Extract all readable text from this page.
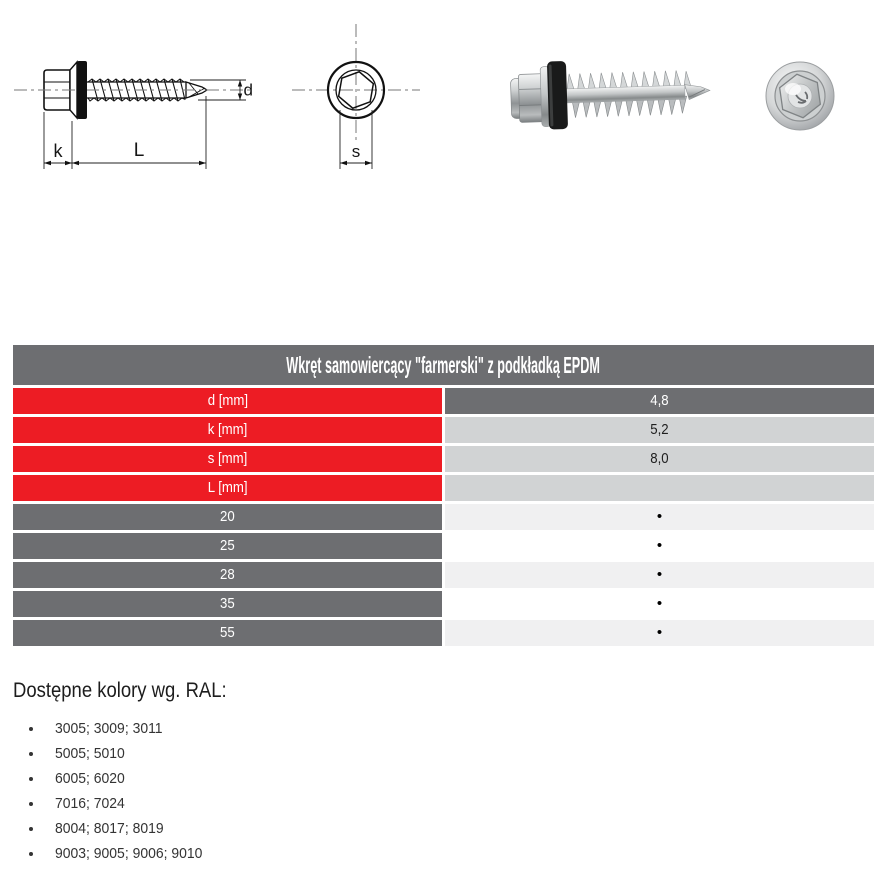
d
k	L	s
Wkręt samowiercący "farmerski" z podkładką EPDM	
d [mm]	4,8
k [mm]	5,2
s [mm]	8,0
L [mm]	
20	•
25	•
28	•
35	•
55	•
Dostępne kolory wg. RAL:
• 3005; 3009; 3011
• 5005; 5010
• 6005; 6020
• 7016; 7024
• 8004; 8017; 8019
• 9003; 9005; 9006; 9010
